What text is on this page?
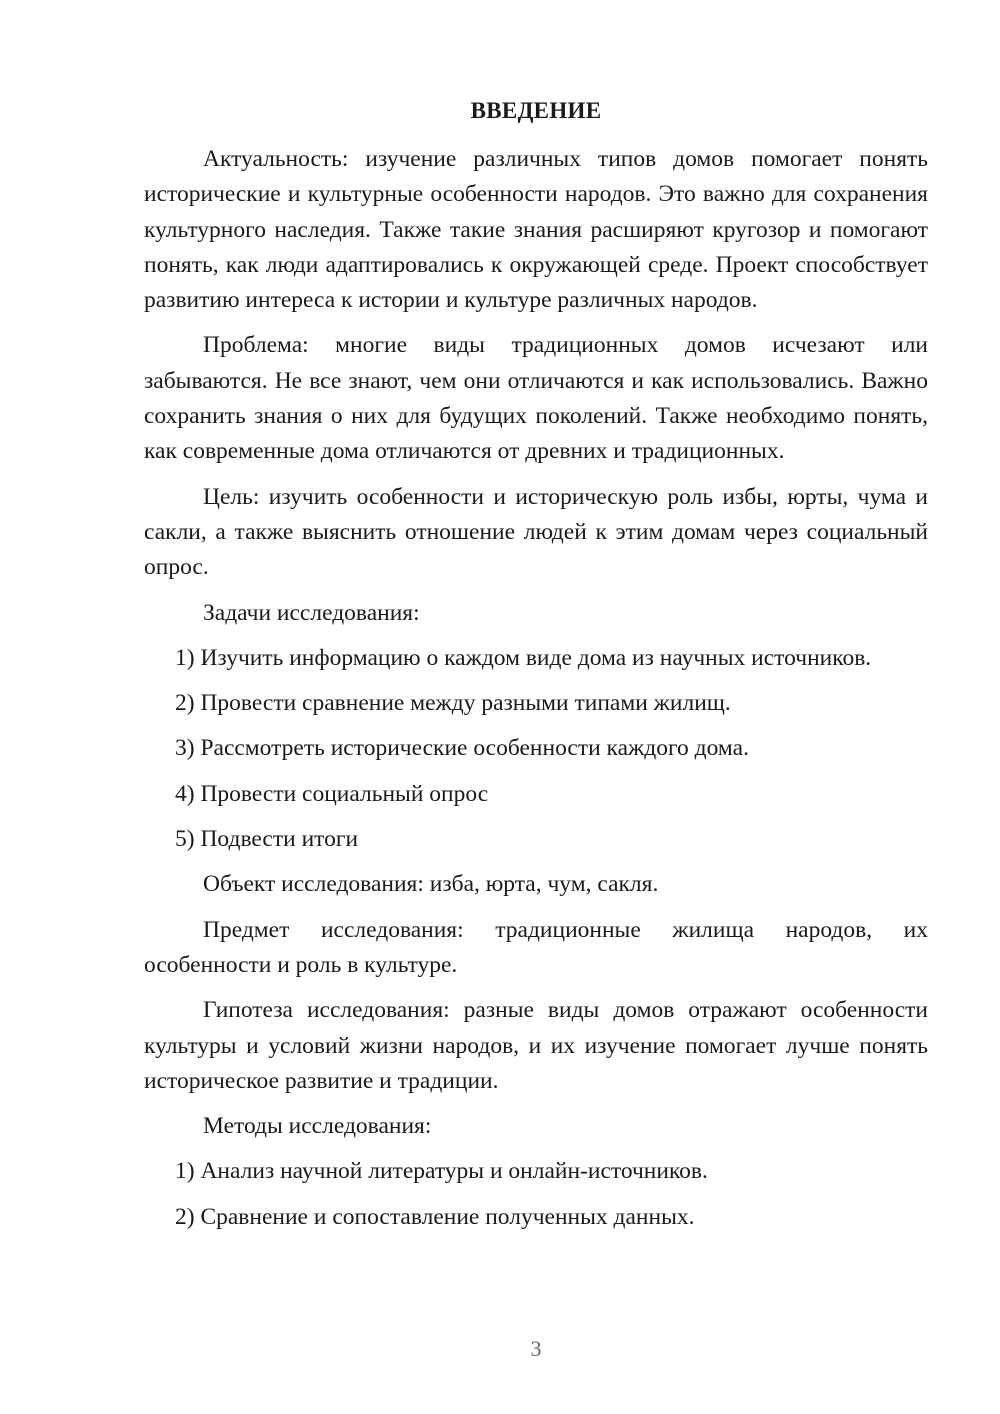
ВВЕДЕНИЕ

Актуальность: изучение различных типов домов помогает понять исторические и культурные особенности народов. Это важно для сохранения культурного наследия. Также такие знания расширяют кругозор и помогают понять, как люди адаптировались к окружающей среде. Проект способствует развитию интереса к истории и культуре различных народов.

Проблема: многие виды традиционных домов исчезают или забываются. Не все знают, чем они отличаются и как использовались. Важно сохранить знания о них для будущих поколений. Также необходимо понять, как современные дома отличаются от древних и традиционных.

Цель: изучить особенности и историческую роль избы, юрты, чума и сакли, а также выяснить отношение людей к этим домам через социальный опрос.

Задачи исследования:

1) Изучить информацию о каждом виде дома из научных источников.
2) Провести сравнение между разными типами жилищ.
3) Рассмотреть исторические особенности каждого дома.
4) Провести социальный опрос
5) Подвести итоги

Объект исследования: изба, юрта, чум, сакля.

Предмет исследования: традиционные жилища народов, их особенности и роль в культуре.

Гипотеза исследования: разные виды домов отражают особенности культуры и условий жизни народов, и их изучение помогает лучше понять историческое развитие и традиции.

Методы исследования:

1) Анализ научной литературы и онлайн-источников.
2) Сравнение и сопоставление полученных данных.
3
